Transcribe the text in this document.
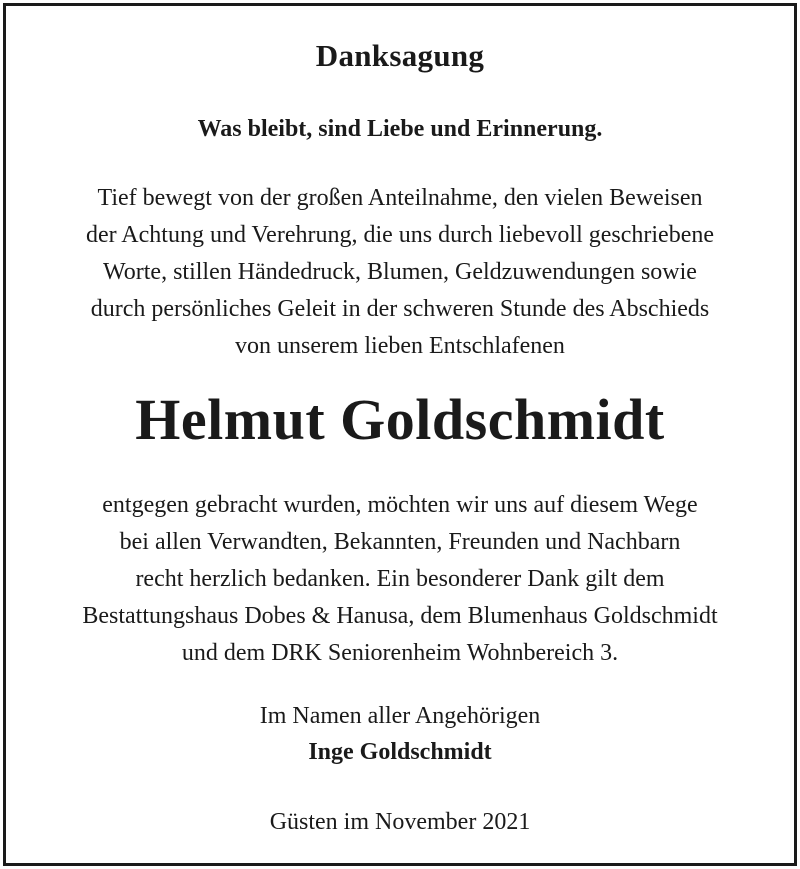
Danksagung
Was bleibt, sind Liebe und Erinnerung.
Tief bewegt von der großen Anteilnahme, den vielen Beweisen
der Achtung und Verehrung, die uns durch liebevoll geschriebene
Worte, stillen Händedruck, Blumen, Geldzuwendungen sowie
durch persönliches Geleit in der schweren Stunde des Abschieds
von unserem lieben Entschlafenen
Helmut Goldschmidt
entgegen gebracht wurden, möchten wir uns auf diesem Wege
bei allen Verwandten, Bekannten, Freunden und Nachbarn
recht herzlich bedanken. Ein besonderer Dank gilt dem
Bestattungshaus Dobes & Hanusa, dem Blumenhaus Goldschmidt
und dem DRK Seniorenheim Wohnbereich 3.
Im Namen aller Angehörigen
Inge Goldschmidt
Güsten im November 2021
